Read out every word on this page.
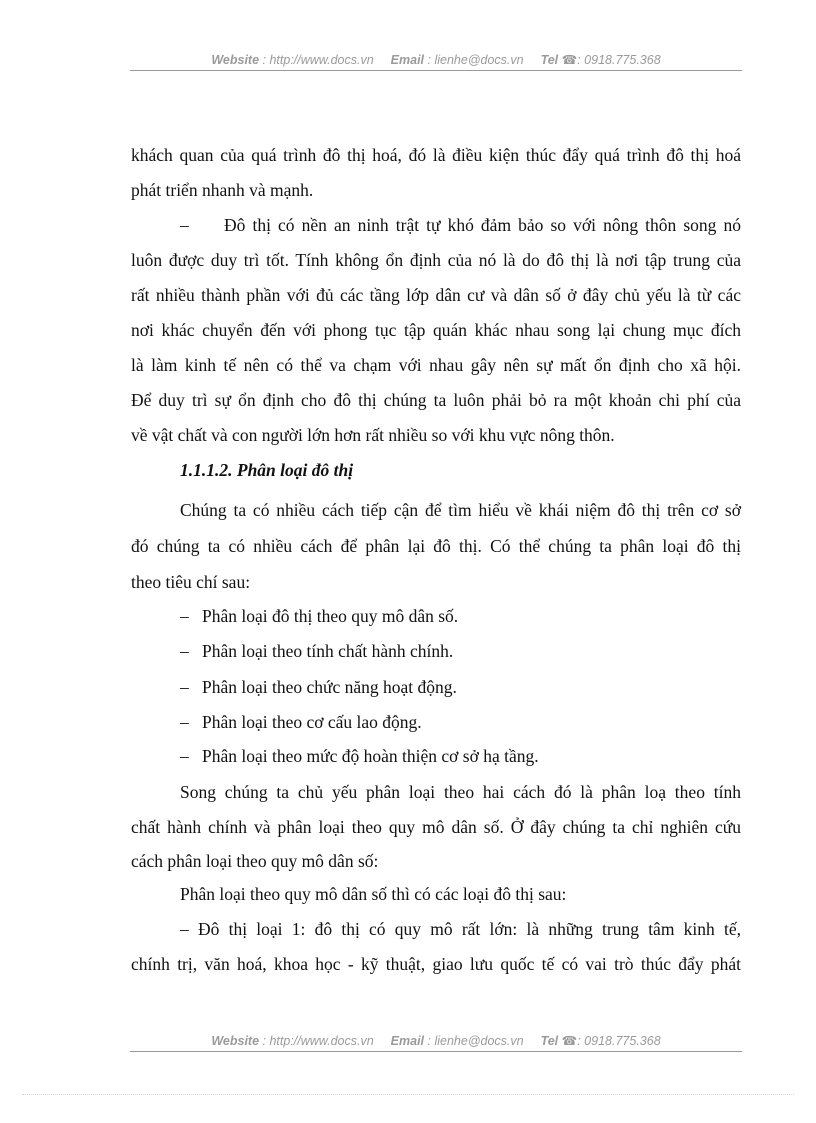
Website : http://www.docs.vn Email : lienhe@docs.vn Tel ☎: 0918.775.368
khách quan của quá trình đô thị hoá, đó là điều kiện thúc đẩy quá trình đô thị hoá
phát triển nhanh và mạnh.
– Đô thị có nền an ninh trật tự khó đảm bảo so với nông thôn song nó
luôn được duy trì tốt. Tính không ổn định của nó là do đô thị là nơi tập trung của
rất nhiều thành phần với đủ các tầng lớp dân cư và dân số ở đây chủ yếu là từ các
nơi khác chuyển đến với phong tục tập quán khác nhau song lại chung mục đích
là làm kinh tế nên có thể va chạm với nhau gây nên sự mất ổn định cho xã hội.
Để duy trì sự ổn định cho đô thị chúng ta luôn phải bỏ ra một khoản chi phí của
về vật chất và con người lớn hơn rất nhiều so với khu vực nông thôn.
1.1.1.2. Phân loại đô thị
Chúng ta có nhiều cách tiếp cận để tìm hiểu về khái niệm đô thị trên cơ sở
đó chúng ta có nhiều cách để phân lại đô thị. Có thể chúng ta phân loại đô thị
theo tiêu chí sau:
– Phân loại đô thị theo quy mô dân số.
– Phân loại theo tính chất hành chính.
– Phân loại theo chức năng hoạt động.
– Phân loại theo cơ cấu lao động.
– Phân loại theo mức độ hoàn thiện cơ sở hạ tầng.
Song chúng ta chủ yếu phân loại theo hai cách đó là phân loạ theo tính
chất hành chính và phân loại theo quy mô dân số. Ở đây chúng ta chỉ nghiên cứu
cách phân loại theo quy mô dân số:
Phân loại theo quy mô dân số thì có các loại đô thị sau:
– Đô thị loại 1: đô thị có quy mô rất lớn: là những trung tâm kinh tế,
chính trị, văn hoá, khoa học - kỹ thuật, giao lưu quốc tế có vai trò thúc đẩy phát
Website : http://www.docs.vn Email : lienhe@docs.vn Tel ☎: 0918.775.368
